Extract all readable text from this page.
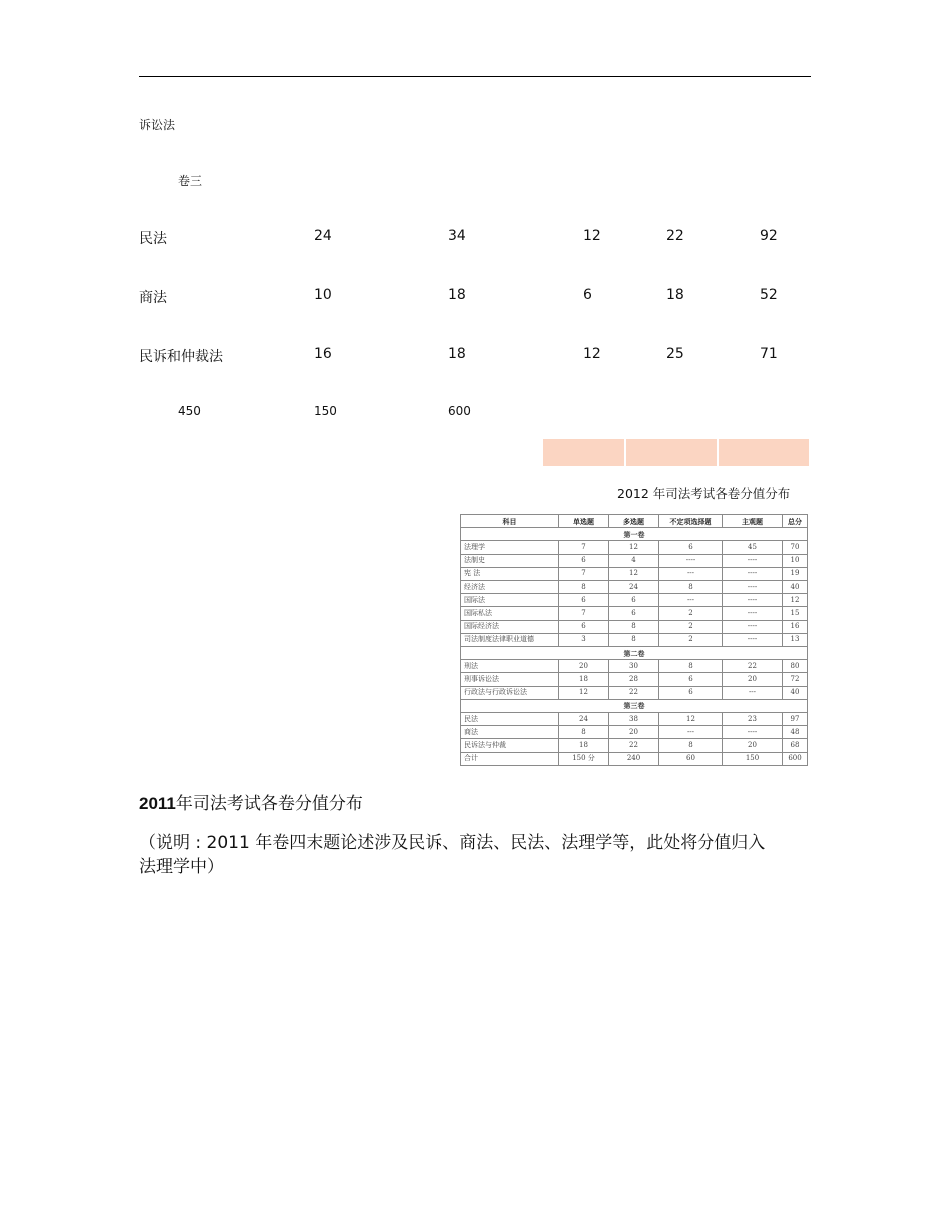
诉讼法
卷三
民法	24	34	12	22	92
商法	10	18	6	18	52
民诉和仲裁法	16	18	12	25	71
450	150	600
2012 年司法考试各卷分值分布
科目	单选题	多选题	不定项选择题	主观题	总分
第一卷					
法理学	7	12	6	45	70
法制史	6	4	----	----	10
宪 法	7	12	---	----	19
经济法	8	24	8	----	40
国际法	6	6	---	----	12
国际私法	7	6	2	----	15
国际经济法	6	8	2	----	16
司法制度法律职业道德	3	8	2	----	13
第二卷					
刑法	20	30	8	22	80
刑事诉讼法	18	28	6	20	72
行政法与行政诉讼法	12	22	6	---	40
第三卷					
民法	24	38	12	23	97
商法	8	20	---	----	48
民诉法与仲裁	18	22	8	20	68
合计	150 分	240	60	150	600
2011年司法考试各卷分值分布
（说明 : 2011 年卷四末题论述涉及民诉、商法、民法、法理学等，此处将分值归入法理学中）
